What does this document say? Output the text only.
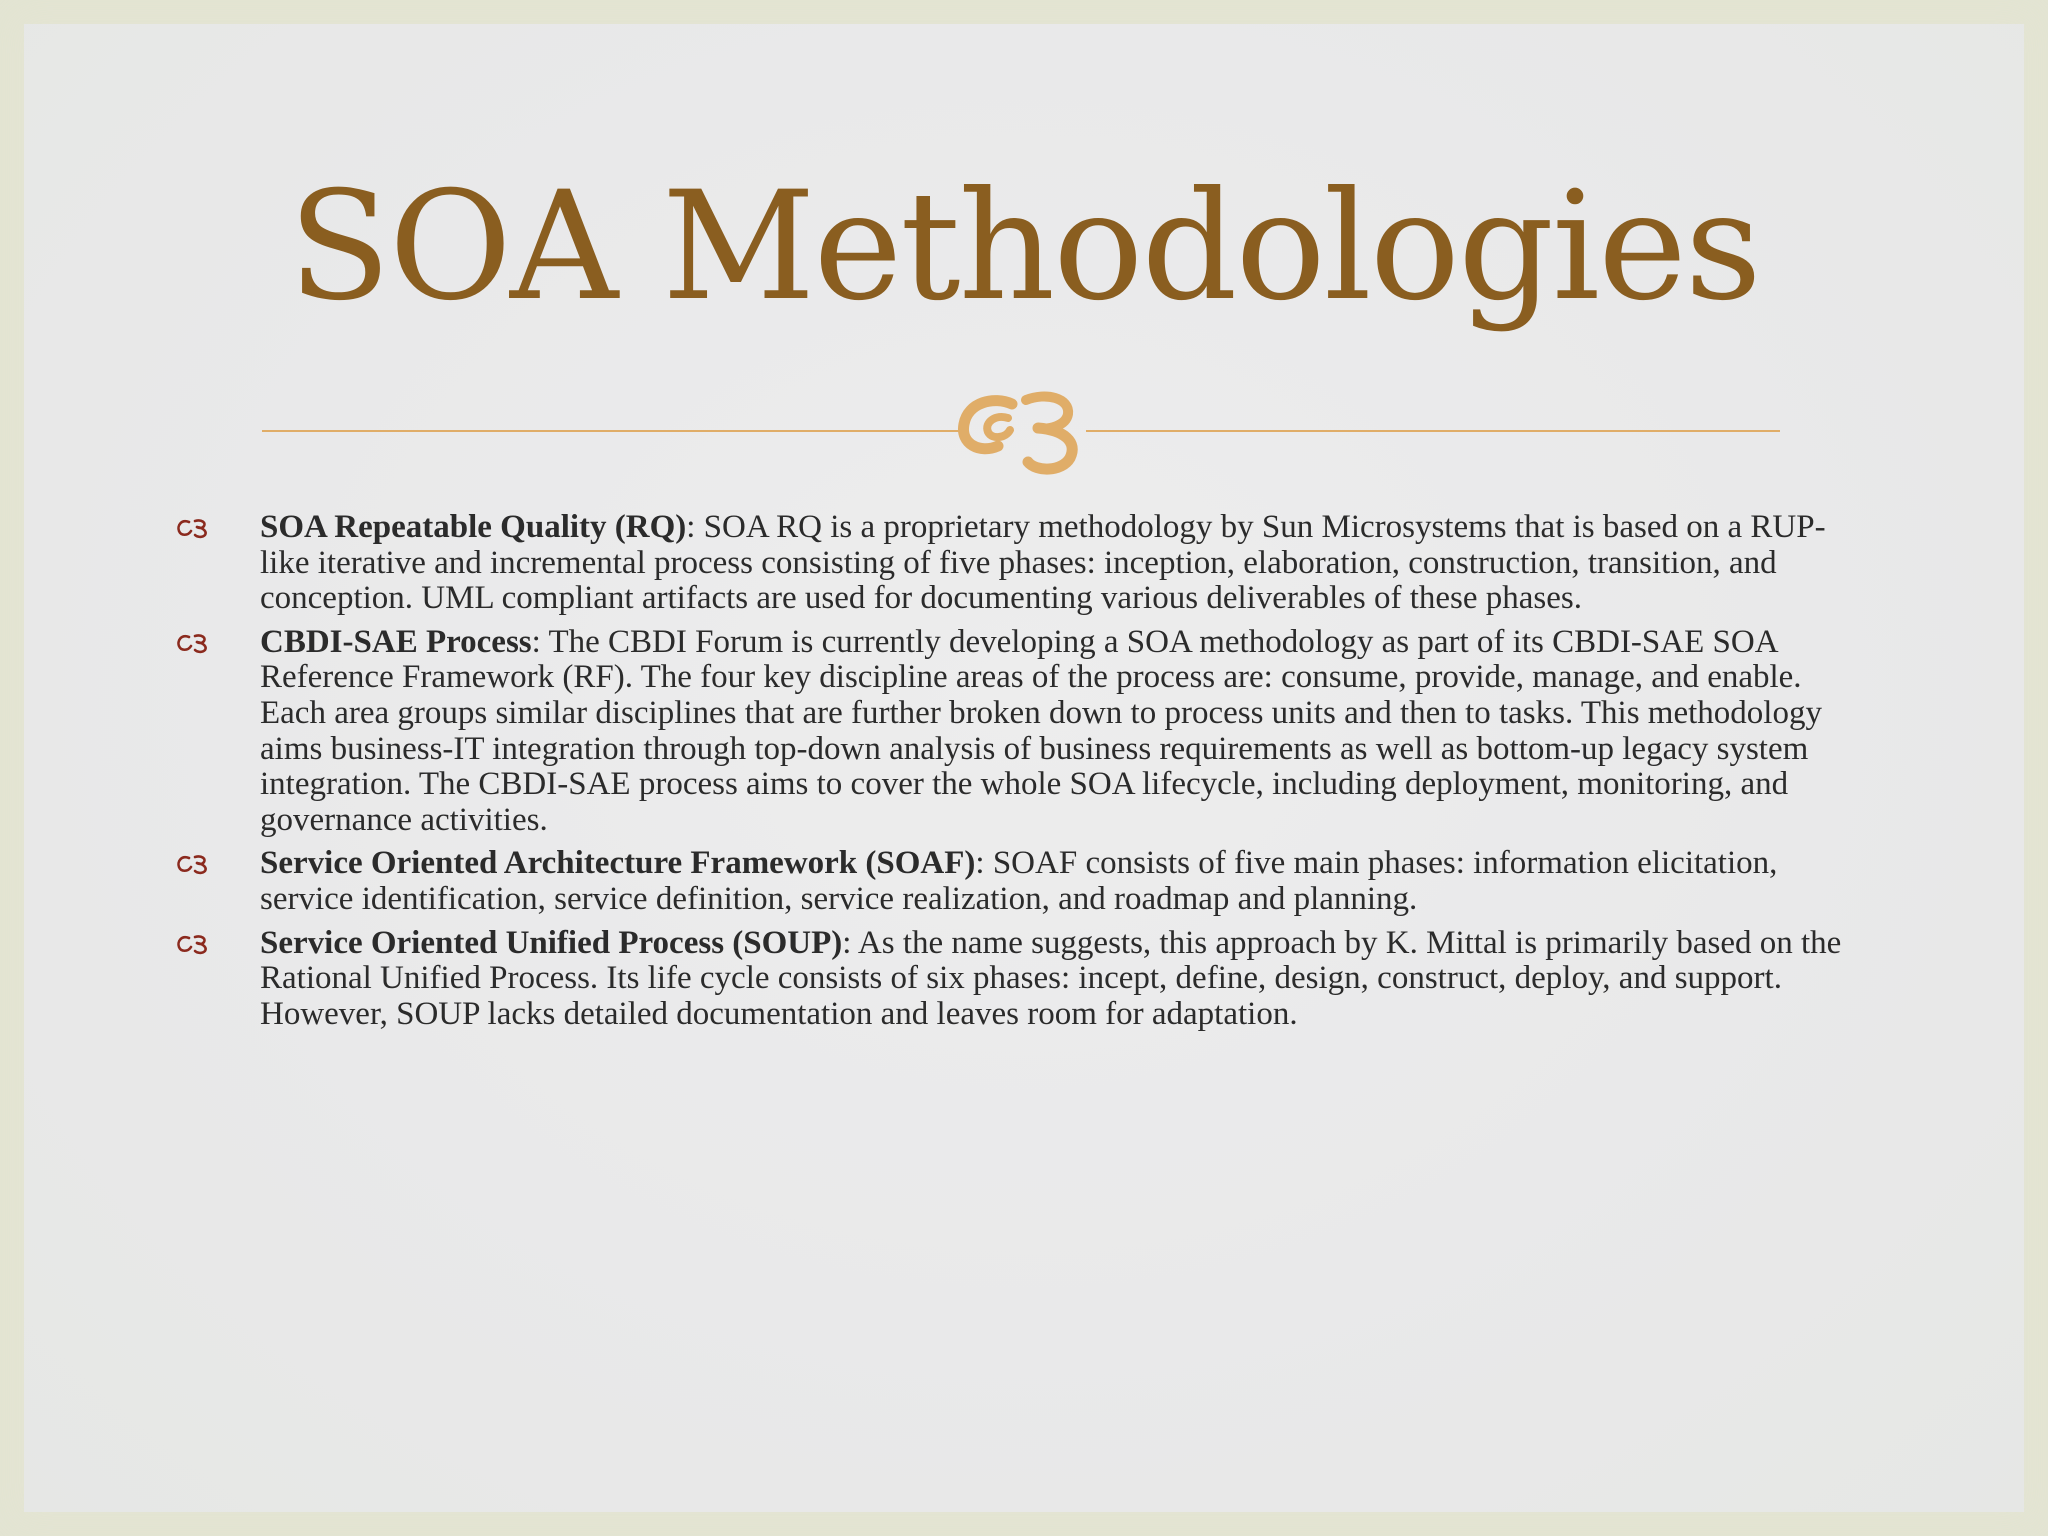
SOA Methodologies
SOA Repeatable Quality (RQ): SOA RQ is a proprietary methodology by Sun Microsystems that is based on a RUP-like iterative and incremental process consisting of five phases: inception, elaboration, construction, transition, and conception. UML compliant artifacts are used for documenting various deliverables of these phases.
CBDI-SAE Process: The CBDI Forum is currently developing a SOA methodology as part of its CBDI-SAE SOA Reference Framework (RF). The four key discipline areas of the process are: consume, provide, manage, and enable. Each area groups similar disciplines that are further broken down to process units and then to tasks. This methodology aims business-IT integration through top-down analysis of business requirements as well as bottom-up legacy system integration. The CBDI-SAE process aims to cover the whole SOA lifecycle, including deployment, monitoring, and governance activities.
Service Oriented Architecture Framework (SOAF): SOAF consists of five main phases: information elicitation, service identification, service definition, service realization, and roadmap and planning.
Service Oriented Unified Process (SOUP): As the name suggests, this approach by K. Mittal is primarily based on the Rational Unified Process. Its life cycle consists of six phases: incept, define, design, construct, deploy, and support. However, SOUP lacks detailed documentation and leaves room for adaptation.
